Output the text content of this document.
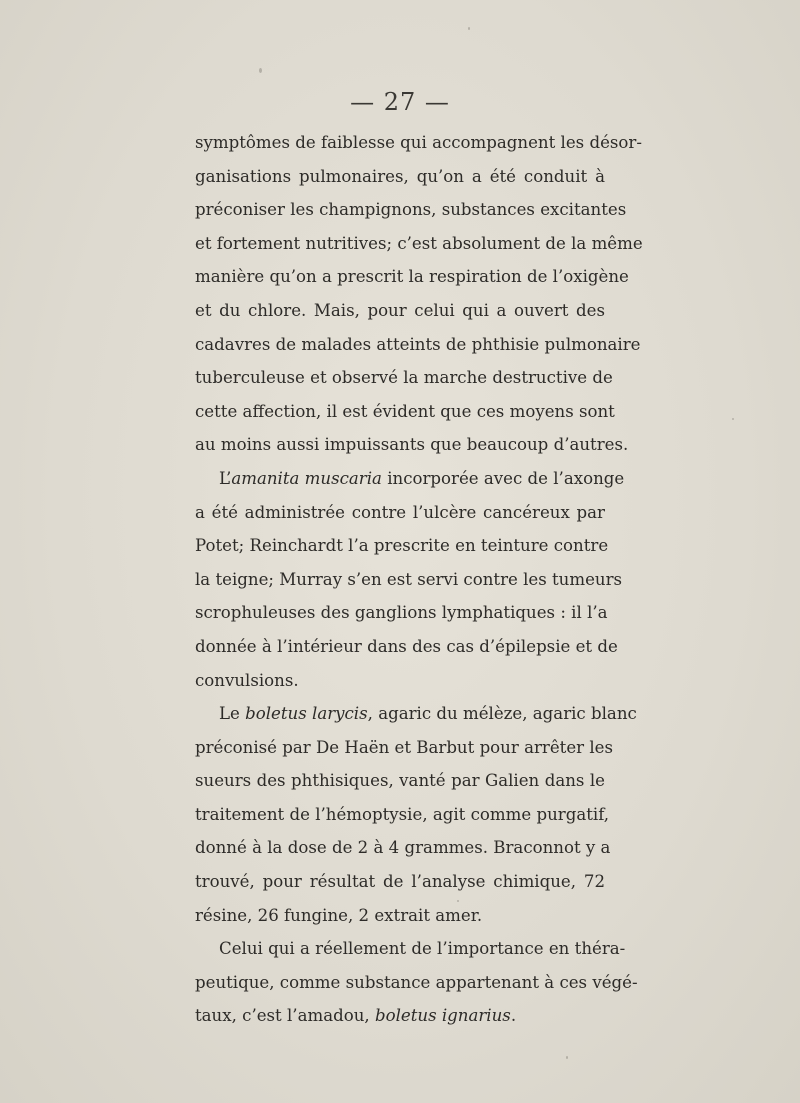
— 27 —
symptômes de faiblesse qui accompagnent les désor-
ganisations pulmonaires, qu’on a été conduit à
préconiser les champignons, substances excitantes
et fortement nutritives; c’est absolument de la même
manière qu’on a prescrit la respiration de l’oxigène
et du chlore. Mais, pour celui qui a ouvert des
cadavres de malades atteints de phthisie pulmonaire
tuberculeuse et observé la marche destructive de
cette affection, il est évident que ces moyens sont
au moins aussi impuissants que beaucoup d’autres.
L’amanita muscaria incorporée avec de l’axonge
a été administrée contre l’ulcère cancéreux par
Potet; Reinchardt l’a prescrite en teinture contre
la teigne; Murray s’en est servi contre les tumeurs
scrophuleuses des ganglions lymphatiques : il l’a
donnée à l’intérieur dans des cas d’épilepsie et de
convulsions.
Le boletus larycis, agaric du mélèze, agaric blanc
préconisé par De Haën et Barbut pour arrêter les
sueurs des phthisiques, vanté par Galien dans le
traitement de l’hémoptysie, agit comme purgatif,
donné à la dose de 2 à 4 grammes. Braconnot y a
trouvé, pour résultat de l’analyse chimique, 72
résine, 26 fungine, 2 extrait amer.
Celui qui a réellement de l’importance en théra-
peutique, comme substance appartenant à ces végé-
taux, c’est l’amadou, boletus ignarius.
